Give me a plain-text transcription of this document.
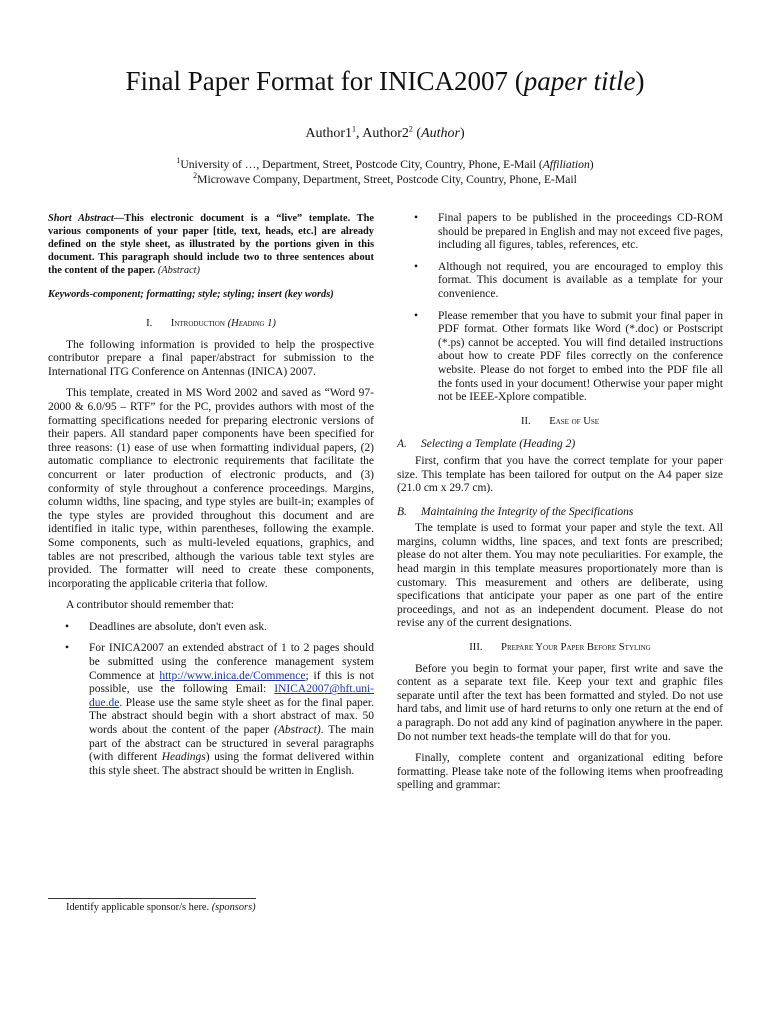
Final Paper Format for INICA2007 (paper title)
$Author1^1$, $Author2^2$ (Author)
$^1$University of …, Department, Street, Postcode City, Country, Phone, E-Mail (Affiliation)
$^2$Microwave Company, Department, Street, Postcode City, Country, Phone, E-Mail

Short Abstract—This electronic document is a “live” template. The various components of your paper [title, text, heads, etc.] are already defined on the style sheet, as illustrated by the portions given in this document. This paragraph should include two to three sentences about the content of the paper. (Abstract)

Keywords-component; formatting; style; styling; insert (key words)

I. Introduction (Heading 1)

The following information is provided to help the prospective contributor prepare a final paper/abstract for submission to the International ITG Conference on Antennas (INICA) 2007.

This template, created in MS Word 2002 and saved as “Word 97-2000 & 6.0/95 – RTF” for the PC, provides authors with most of the formatting specifications needed for preparing electronic versions of their papers. All standard paper components have been specified for three reasons: (1) ease of use when formatting individual papers, (2) automatic compliance to electronic requirements that facilitate the concurrent or later production of electronic products, and (3) conformity of style throughout a conference proceedings. Margins, column widths, line spacing, and type styles are built-in; examples of the type styles are provided throughout this document and are identified in italic type, within parentheses, following the example. Some components, such as multi-leveled equations, graphics, and tables are not prescribed, although the various table text styles are provided. The formatter will need to create these components, incorporating the applicable criteria that follow.

A contributor should remember that:

• Deadlines are absolute, don't even ask.
• For INICA2007 an extended abstract of 1 to 2 pages should be submitted using the conference management system Commence at http://www.inica.de/Commence; if this is not possible, use the following Email: INICA2007@hft.uni-due.de. Please use the same style sheet as for the final paper. The abstract should begin with a short abstract of max. 50 words about the content of the paper (Abstract). The main part of the abstract can be structured in several paragraphs (with different Headings) using the format delivered within this style sheet. The abstract should be written in English.
• Final papers to be published in the proceedings CD-ROM should be prepared in English and may not exceed five pages, including all figures, tables, references, etc.
• Although not required, you are encouraged to employ this format. This document is available as a template for your convenience.
• Please remember that you have to submit your final paper in PDF format. Other formats like Word (*.doc) or Postscript (*.ps) cannot be accepted. You will find detailed instructions about how to create PDF files correctly on the conference website. Please do not forget to embed into the PDF file all the fonts used in your document! Otherwise your paper might not be IEEE-Xplore compatible.
II. Ease of Use
A. Selecting a Template (Heading 2)

First, confirm that you have the correct template for your paper size. This template has been tailored for output on the A4 paper size (21.0 cm x 29.7 cm).

B. Maintaining the Integrity of the Specifications

The template is used to format your paper and style the text. All margins, column widths, line spaces, and text fonts are prescribed; please do not alter them. You may note peculiarities. For example, the head margin in this template measures proportionately more than is customary. This measurement and others are deliberate, using specifications that anticipate your paper as one part of the entire proceedings, and not as an independent document. Please do not revise any of the current designations.

III. Prepare Your Paper Before Styling

Before you begin to format your paper, first write and save the content as a separate text file. Keep your text and graphic files separate until after the text has been formatted and styled. Do not use hard tabs, and limit use of hard returns to only one return at the end of a paragraph. Do not add any kind of pagination anywhere in the paper. Do not number text heads-the template will do that for you.

Finally, complete content and organizational editing before formatting. Please take note of the following items when proofreading spelling and grammar:

Identify applicable sponsor/s here. (sponsors)
